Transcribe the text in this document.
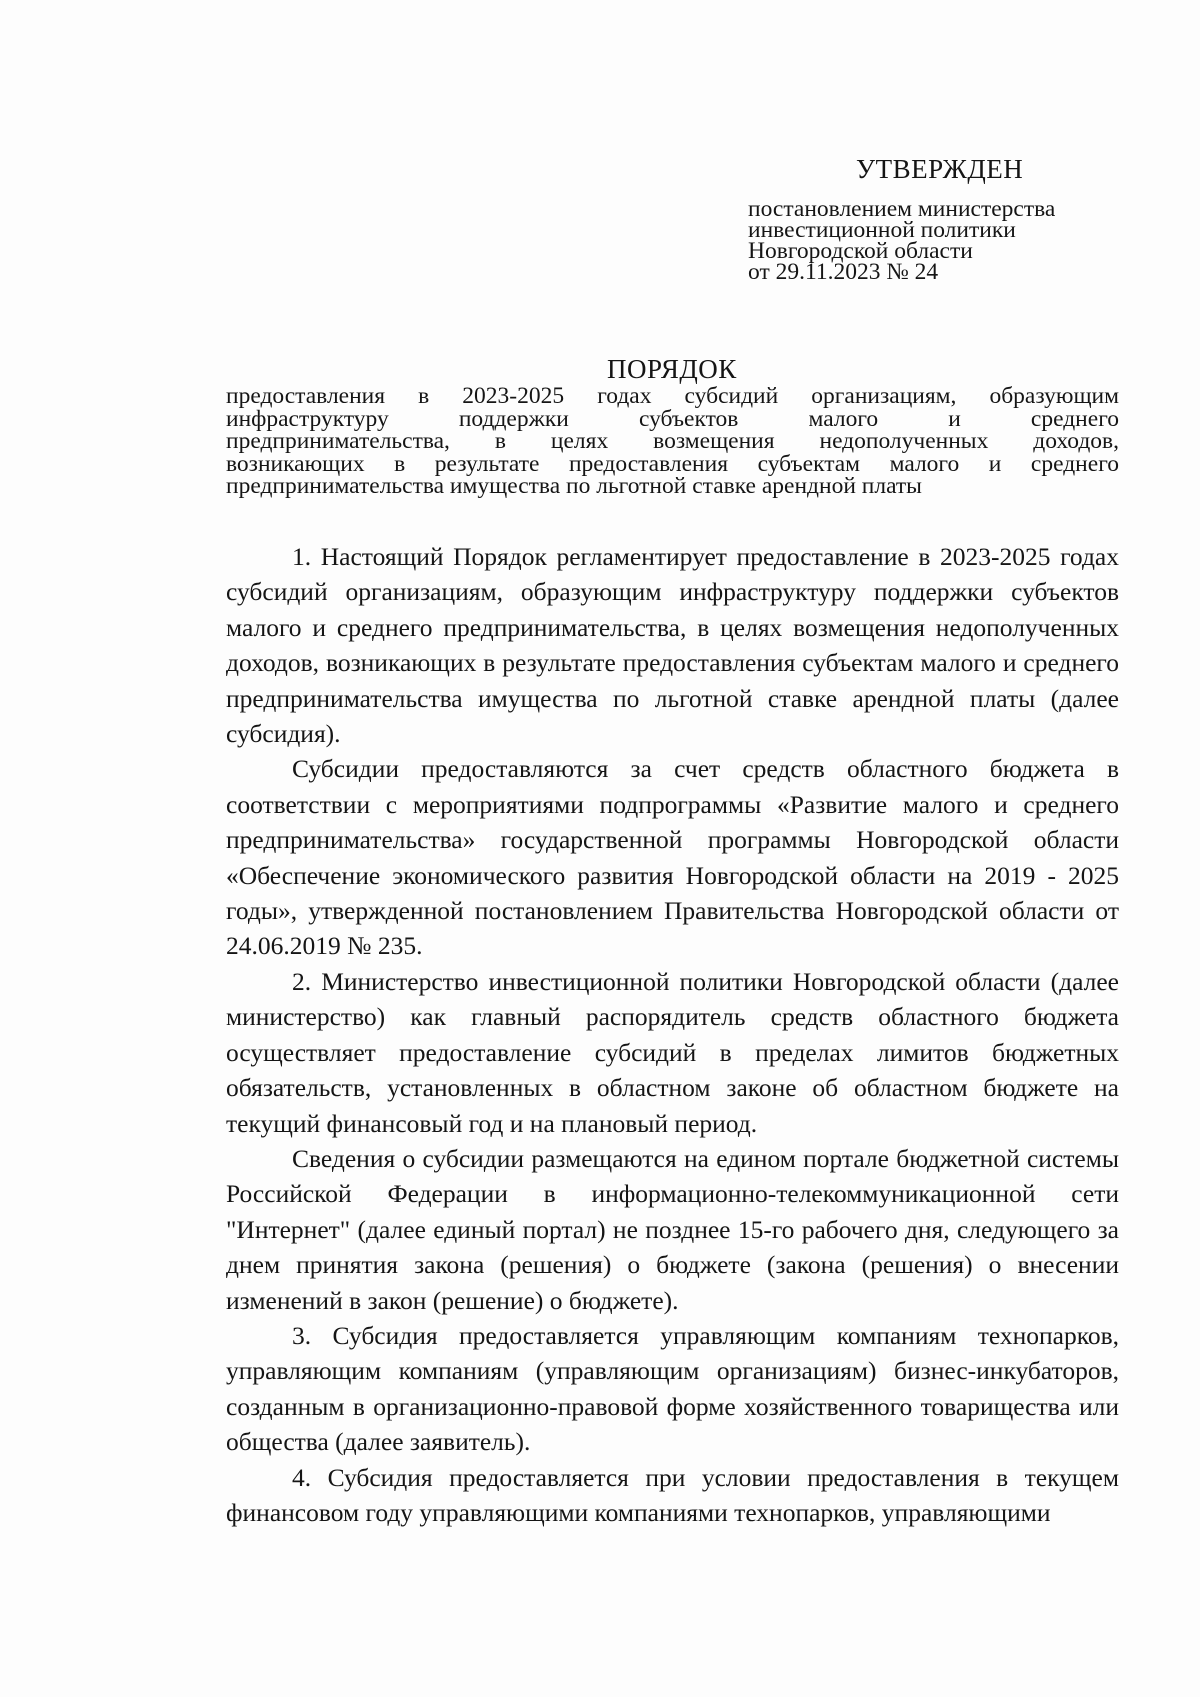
УТВЕРЖДЕН
постановлением министерства
инвестиционной политики
Новгородской области
от 29.11.2023 № 24
ПОРЯДОК
предоставления в 2023-2025 годах субсидий организациям, образующим
инфраструктуру поддержки субъектов малого и среднего
предпринимательства, в целях возмещения недополученных доходов,
возникающих в результате предоставления субъектам малого и среднего
предпринимательства имущества по льготной ставке арендной платы

1. Настоящий Порядок регламентирует предоставление в 2023-2025 годах субсидий организациям, образующим инфраструктуру поддержки субъектов малого и среднего предпринимательства, в целях возмещения недополученных доходов, возникающих в результате предоставления субъектам малого и среднего предпринимательства имущества по льготной ставке арендной платы (далее субсидия).

Субсидии предоставляются за счет средств областного бюджета в соответствии с мероприятиями подпрограммы «Развитие малого и среднего предпринимательства» государственной программы Новгородской области «Обеспечение экономического развития Новгородской области на 2019 - 2025 годы», утвержденной постановлением Правительства Новгородской области от 24.06.2019 № 235.

2. Министерство инвестиционной политики Новгородской области (далее министерство) как главный распорядитель средств областного бюджета осуществляет предоставление субсидий в пределах лимитов бюджетных обязательств, установленных в областном законе об областном бюджете на текущий финансовый год и на плановый период.

Сведения о субсидии размещаются на едином портале бюджетной системы Российской Федерации в информационно-телекоммуникационной сети "Интернет" (далее единый портал) не позднее 15-го рабочего дня, следующего за днем принятия закона (решения) о бюджете (закона (решения) о внесении изменений в закон (решение) о бюджете).

3. Субсидия предоставляется управляющим компаниям технопарков, управляющим компаниям (управляющим организациям) бизнес-инкубаторов, созданным в организационно-правовой форме хозяйственного товарищества или общества (далее заявитель).

4. Субсидия предоставляется при условии предоставления в текущем финансовом году управляющими компаниями технопарков, управляющими
